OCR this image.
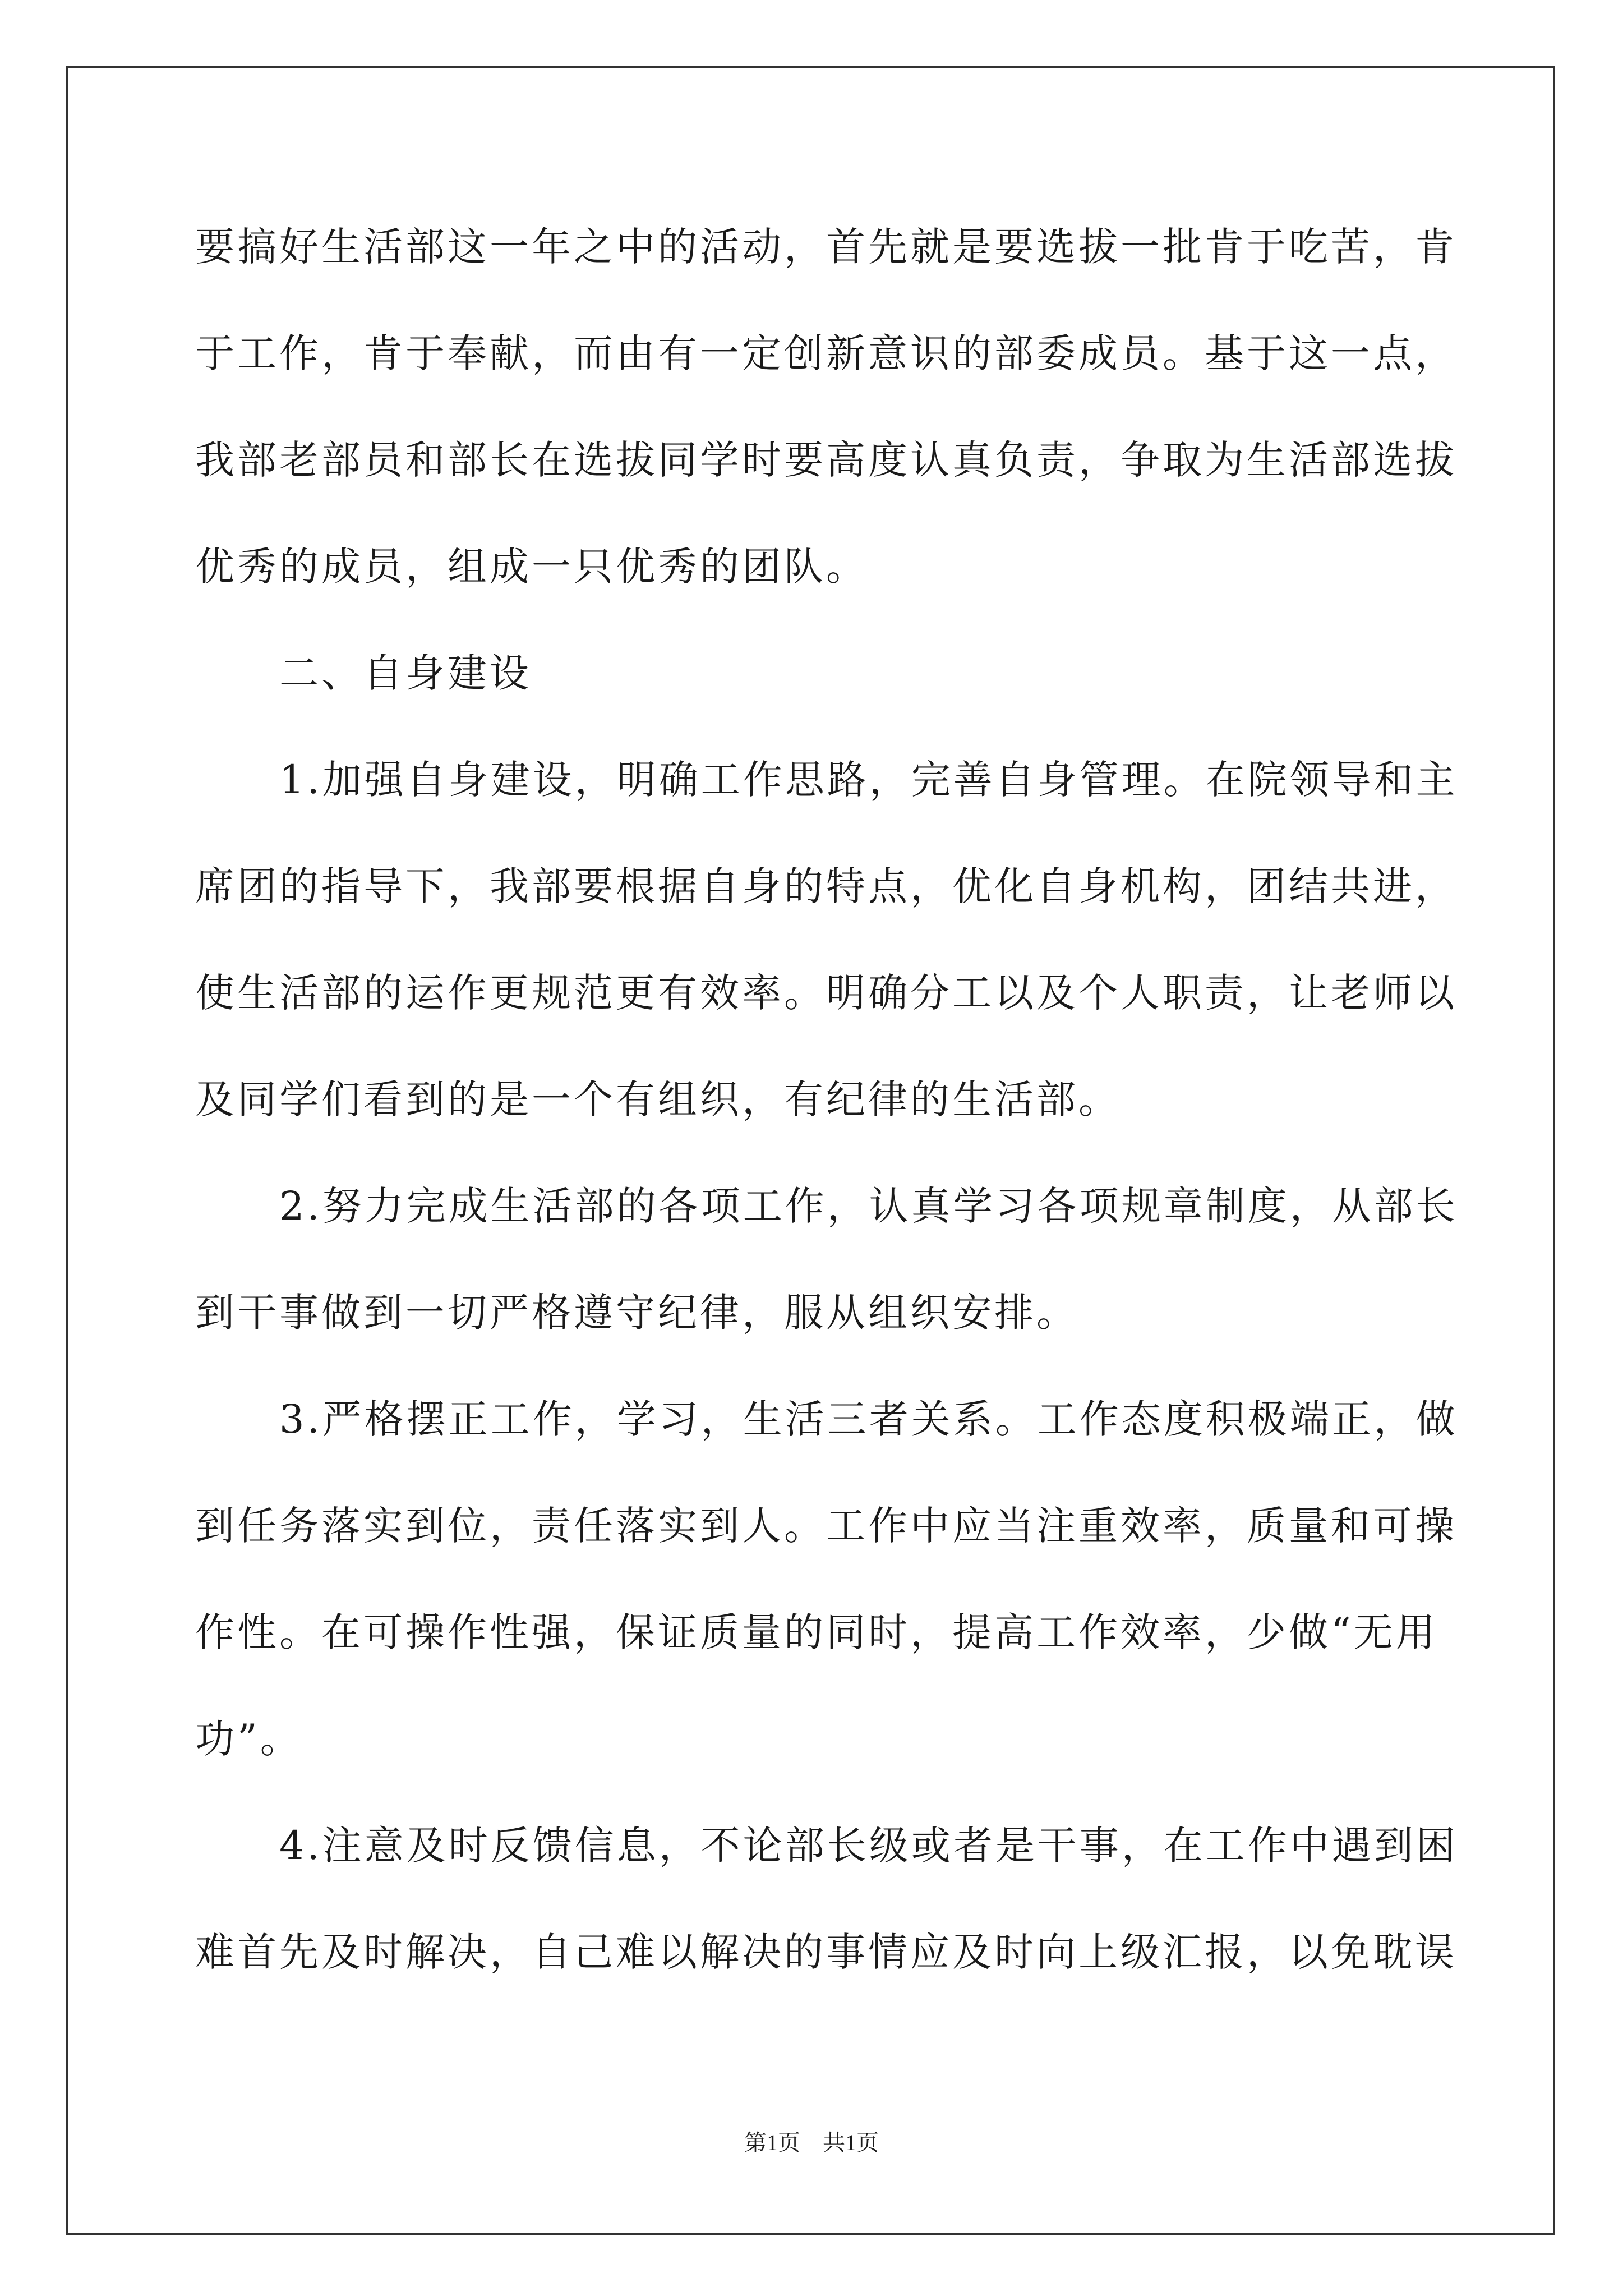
要搞好生活部这一年之中的活动，首先就是要选拔一批肯于吃苦，肯
于工作，肯于奉献，而由有一定创新意识的部委成员。基于这一点，
我部老部员和部长在选拔同学时要高度认真负责，争取为生活部选拔
优秀的成员，组成一只优秀的团队。
　　二、自身建设
　　1.加强自身建设，明确工作思路，完善自身管理。在院领导和主
席团的指导下，我部要根据自身的特点，优化自身机构，团结共进，
使生活部的运作更规范更有效率。明确分工以及个人职责，让老师以
及同学们看到的是一个有组织，有纪律的生活部。
　　2.努力完成生活部的各项工作，认真学习各项规章制度，从部长
到干事做到一切严格遵守纪律，服从组织安排。
　　3.严格摆正工作，学习，生活三者关系。工作态度积极端正，做
到任务落实到位，责任落实到人。工作中应当注重效率，质量和可操
作性。在可操作性强，保证质量的同时，提高工作效率，少做“无用
功”。
　　4.注意及时反馈信息，不论部长级或者是干事，在工作中遇到困
难首先及时解决，自己难以解决的事情应及时向上级汇报，以免耽误
第1页　共1页
